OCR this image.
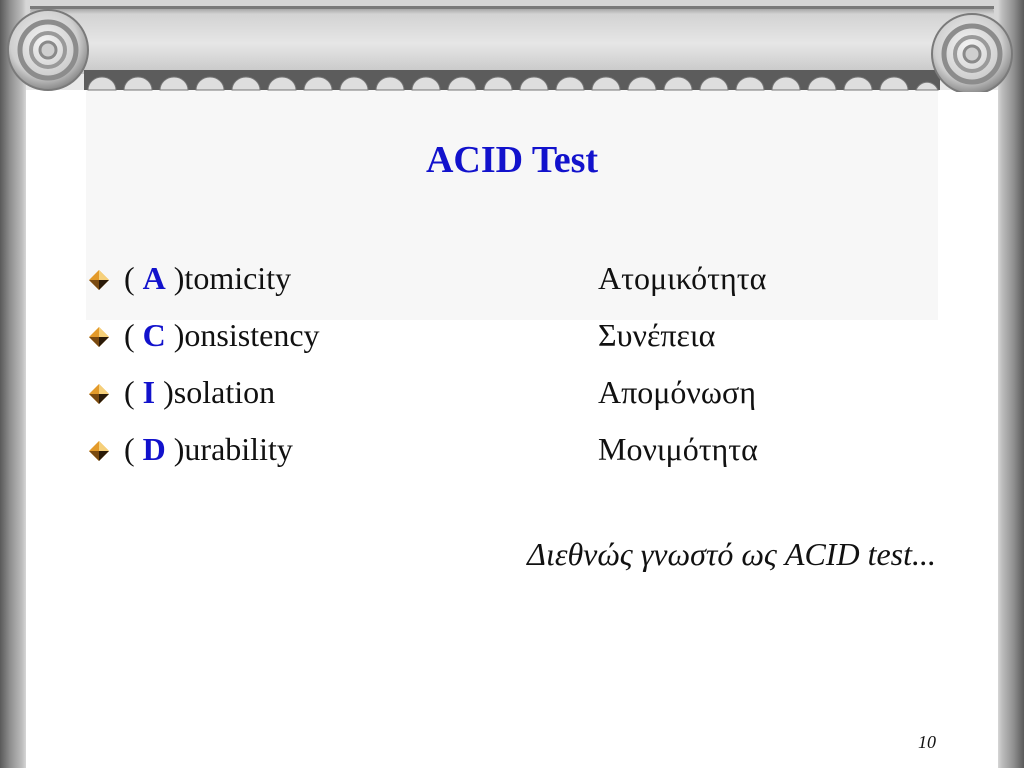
ACID Test
( A )tomicity	Ατομικότητα
( C )onsistency	Συνέπεια
( I )solation	Απομόνωση
( D )urability	Μονιμότητα
Διεθνώς γνωστό ως ACID test...
10
